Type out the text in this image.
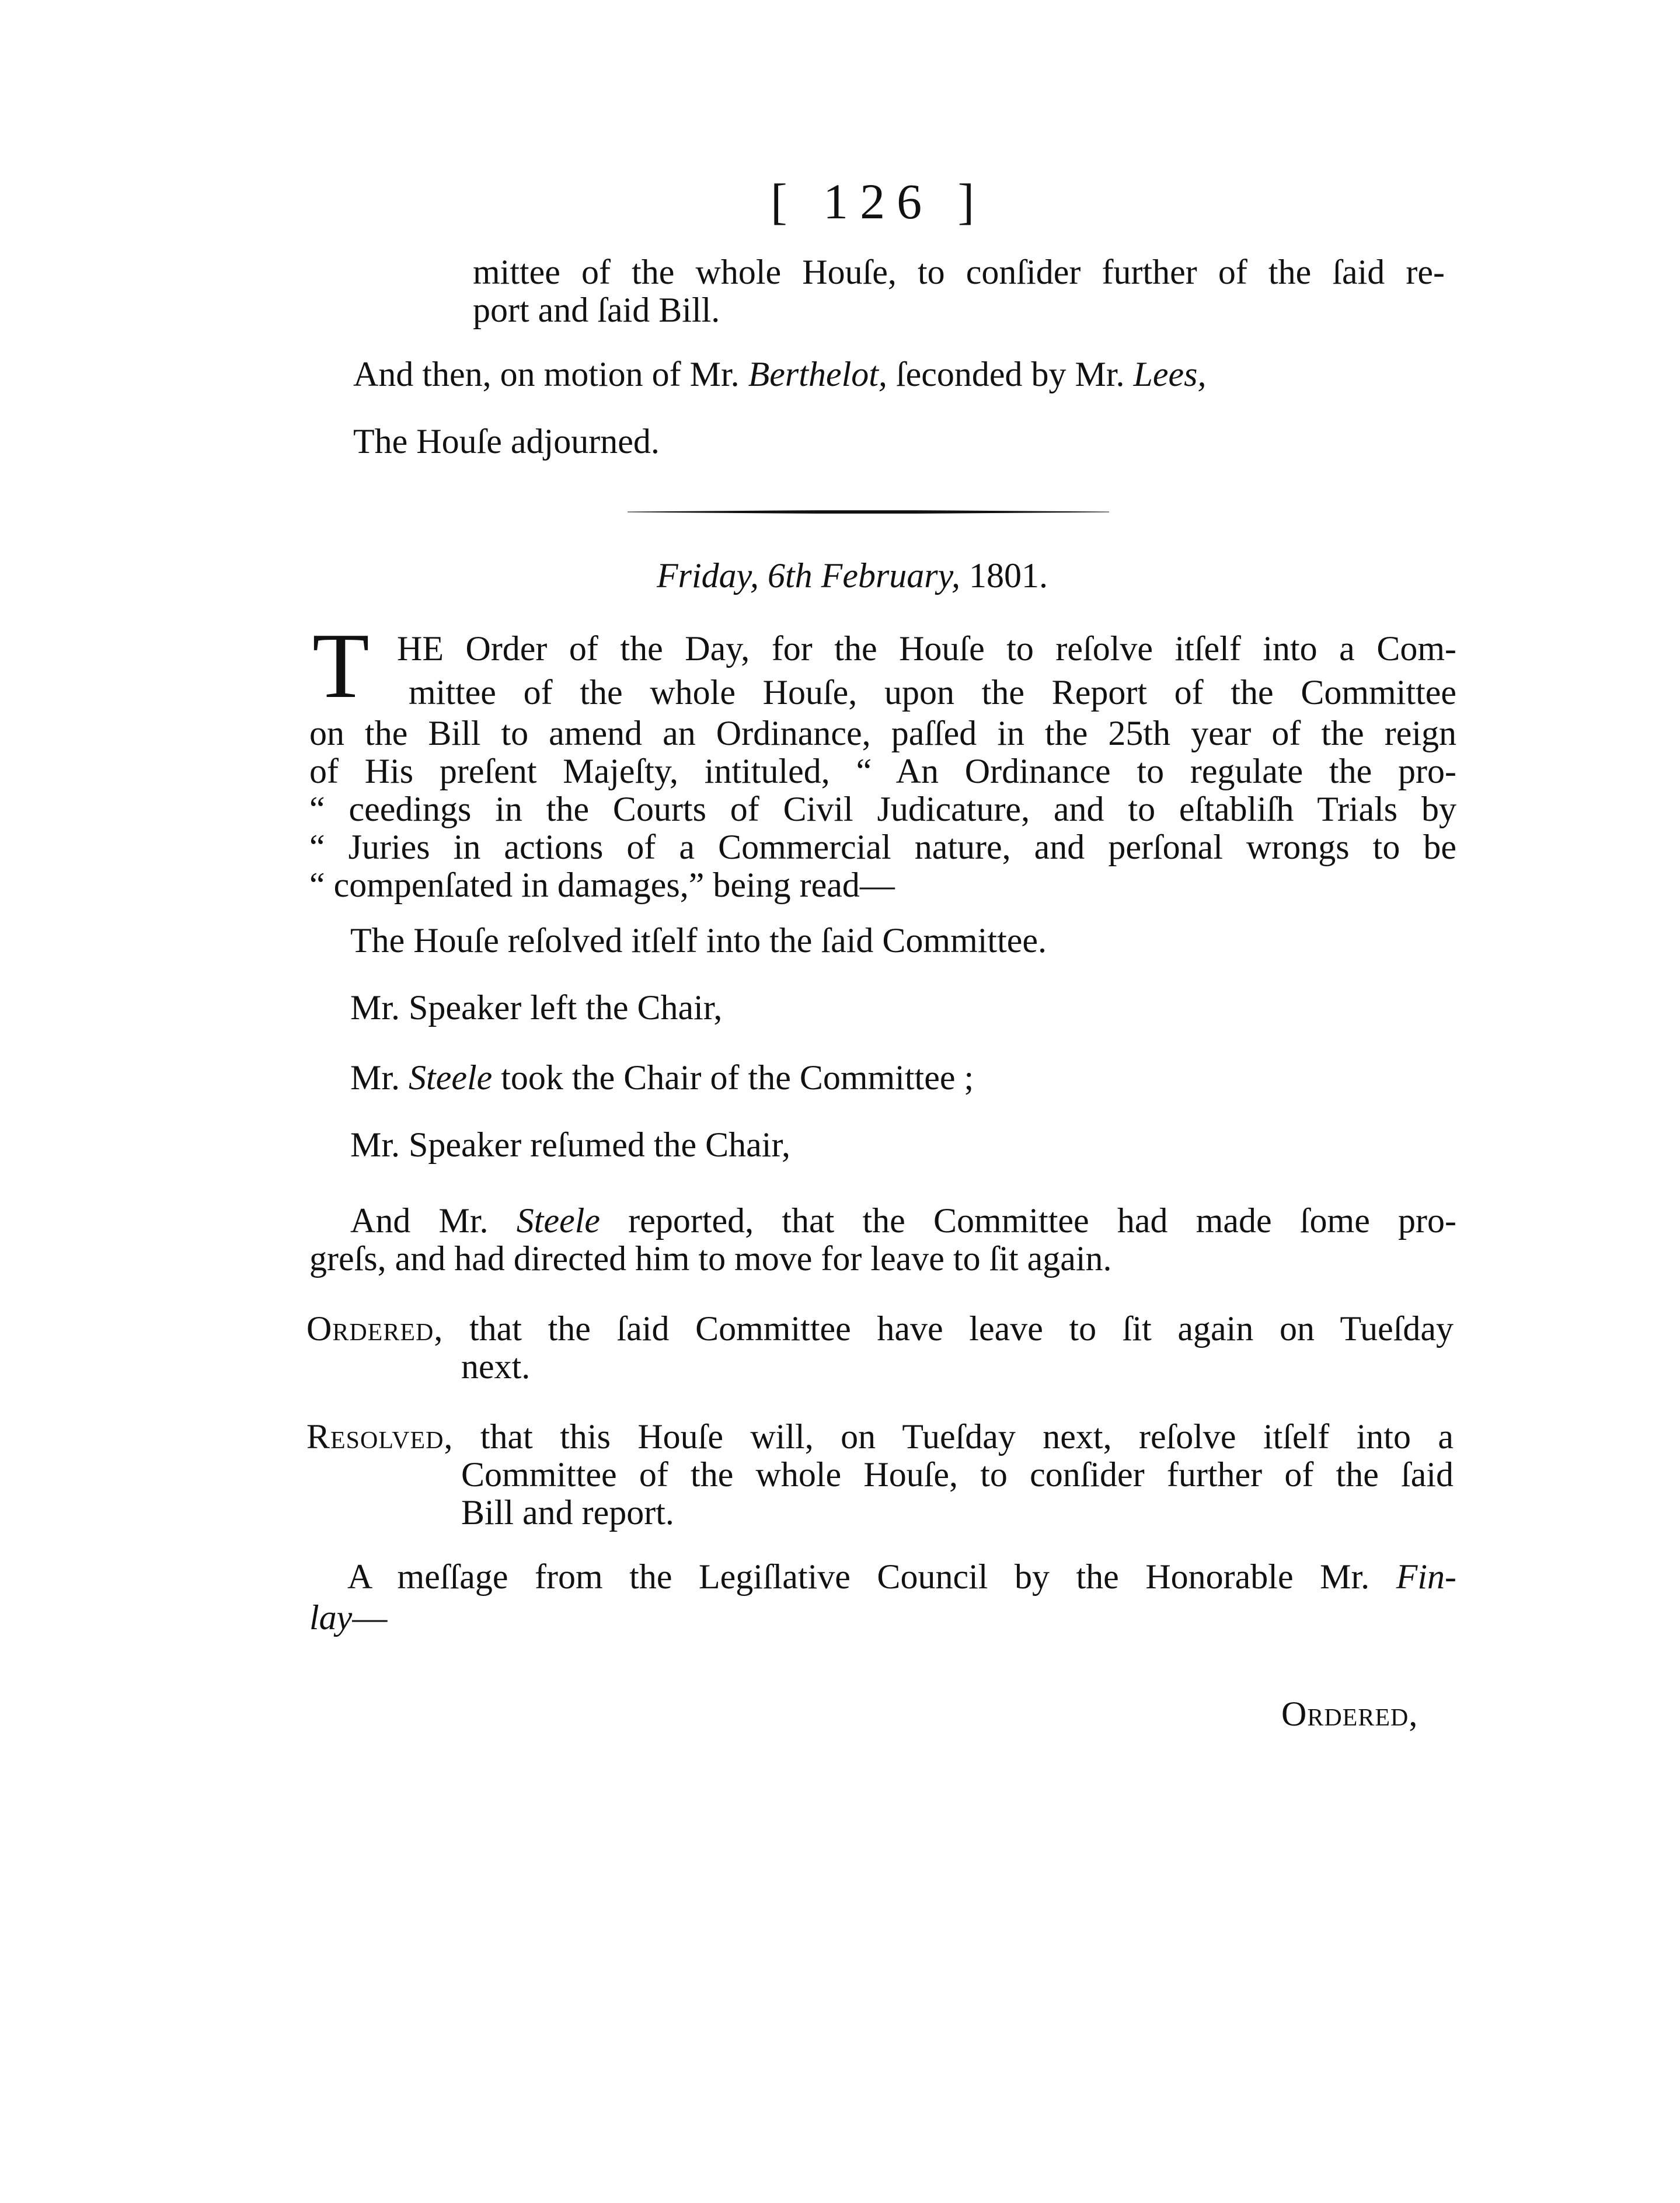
[ 126 ]
mittee of the whole Houſe, to conſider further of the ſaid re-
port and ſaid Bill.
And then, on motion of Mr. Berthelot, ſeconded by Mr. Lees,
The Houſe adjourned.
Friday, 6th February, 1801.
T HE Order of the Day, for the Houſe to reſolve itſelf into a Com-
mittee of the whole Houſe, upon the Report of the Committee
on the Bill to amend an Ordinance, paſſed in the 25th year of the reign
of His preſent Majeſty, intituled, “ An Ordinance to regulate the pro-
“ ceedings in the Courts of Civil Judicature, and to eſtabliſh Trials by
“ Juries in actions of a Commercial nature, and perſonal wrongs to be
“ compenſated in damages,” being read—
The Houſe reſolved itſelf into the ſaid Committee.
Mr. Speaker left the Chair,
Mr. Steele took the Chair of the Committee ;
Mr. Speaker reſumed the Chair,
And Mr. Steele reported, that the Committee had made ſome pro-
greſs, and had directed him to move for leave to ſit again.
Ordered, that the ſaid Committee have leave to ſit again on Tueſday
next.
Resolved, that this Houſe will, on Tueſday next, reſolve itſelf into a
Committee of the whole Houſe, to conſider further of the ſaid
Bill and report.
A meſſage from the Legiſlative Council by the Honorable Mr. Fin-
lay—
Ordered,
